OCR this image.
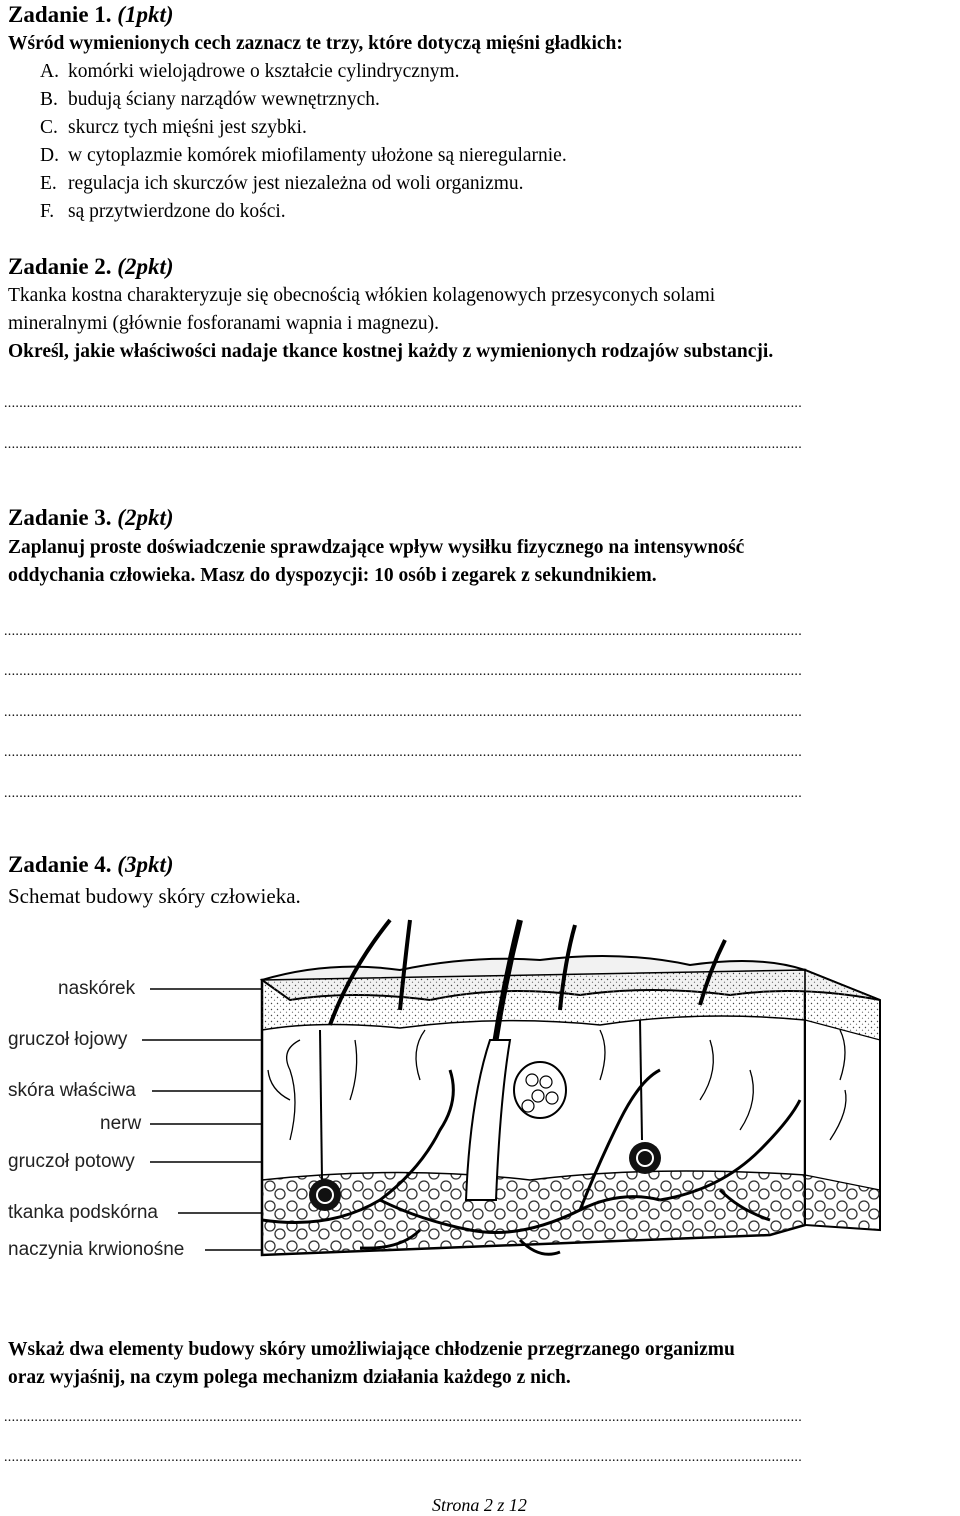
Zadanie 1. (1pkt)
Wśród wymienionych cech zaznacz te trzy, które dotyczą mięśni gładkich:
A. komórki wielojądrowe o kształcie cylindrycznym.
B. budują ściany narządów wewnętrznych.
C. skurcz tych mięśni jest szybki.
D. w cytoplazmie komórek miofilamenty ułożone są nieregularnie.
E. regulacja ich skurczów jest niezależna od woli organizmu.
F. są przytwierdzone do kości.
Zadanie 2. (2pkt)
Tkanka kostna charakteryzuje się obecnością włókien kolagenowych przesyconych solami
mineralnymi (głównie fosforanami wapnia i magnezu).
Określ, jakie właściwości nadaje tkance kostnej każdy z wymienionych rodzajów substancji.
..................................................................................................................................................................................................................
..................................................................................................................................................................................................................
Zadanie 3. (2pkt)
Zaplanuj proste doświadczenie sprawdzające wpływ wysiłku fizycznego na intensywność
oddychania człowieka. Masz do dyspozycji: 10 osób i zegarek z sekundnikiem.
..................................................................................................................................................................................................................
..................................................................................................................................................................................................................
..................................................................................................................................................................................................................
..................................................................................................................................................................................................................
..................................................................................................................................................................................................................
Zadanie 4. (3pkt)
Schemat budowy skóry człowieka.
naskórek
gruczoł łojowy
skóra właściwa
nerw
gruczoł potowy
tkanka podskórna
naczynia krwionośne
Wskaż dwa elementy budowy skóry umożliwiające chłodzenie przegrzanego organizmu
oraz wyjaśnij, na czym polega mechanizm działania każdego z nich.
..................................................................................................................................................................................................................
..................................................................................................................................................................................................................
Strona 2 z 12
